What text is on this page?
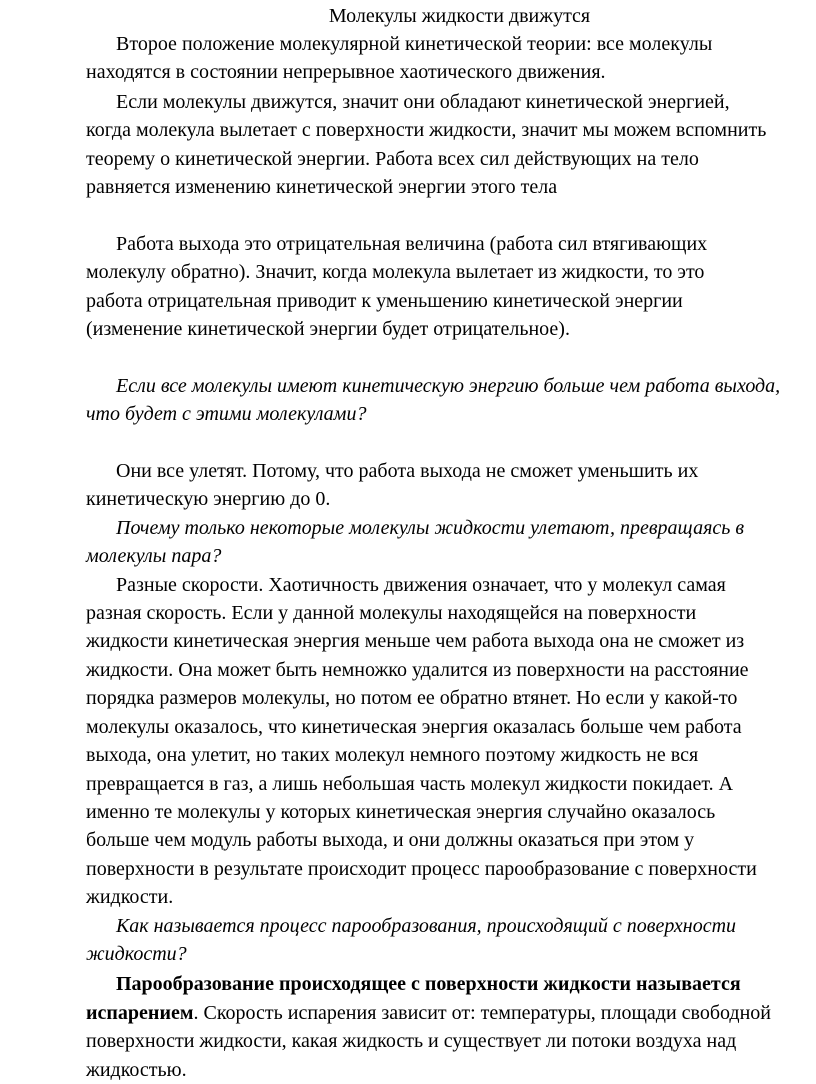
Молекулы жидкости движутся
Второе положение молекулярной кинетической теории: все молекулы
находятся в состоянии непрерывное хаотического движения.
Если молекулы движутся, значит они обладают кинетической энергией,
когда молекула вылетает с поверхности жидкости, значит мы можем вспомнить
теорему о кинетической энергии. Работа всех сил действующих на тело
равняется изменению кинетической энергии этого тела
Работа выхода это отрицательная величина (работа сил втягивающих
молекулу обратно). Значит, когда молекула вылетает из жидкости, то это
работа отрицательная приводит к уменьшению кинетической энергии
(изменение кинетической энергии будет отрицательное).
Если все молекулы имеют кинетическую энергию больше чем работа выхода,
что будет с этими молекулами?
Они все улетят. Потому, что работа выхода не сможет уменьшить их
кинетическую энергию до 0.
Почему только некоторые молекулы жидкости улетают, превращаясь в
молекулы пара?
Разные скорости. Хаотичность движения означает, что у молекул самая
разная скорость. Если у данной молекулы находящейся на поверхности
жидкости кинетическая энергия меньше чем работа выхода она не сможет из
жидкости. Она может быть немножко удалится из поверхности на расстояние
порядка размеров молекулы, но потом ее обратно втянет. Но если у какой-то
молекулы оказалось, что кинетическая энергия оказалась больше чем работа
выхода, она улетит, но таких молекул немного поэтому жидкость не вся
превращается в газ, а лишь небольшая часть молекул жидкости покидает. А
именно те молекулы у которых кинетическая энергия случайно оказалось
больше чем модуль работы выхода, и они должны оказаться при этом у
поверхности в результате происходит процесс парообразование с поверхности
жидкости.
Как называется процесс парообразования, происходящий с поверхности
жидкости?
Парообразование происходящее с поверхности жидкости называется
испарением. Скорость испарения зависит от: температуры, площади свободной
поверхности жидкости, какая жидкость и существует ли потоки воздуха над
жидкостью.
